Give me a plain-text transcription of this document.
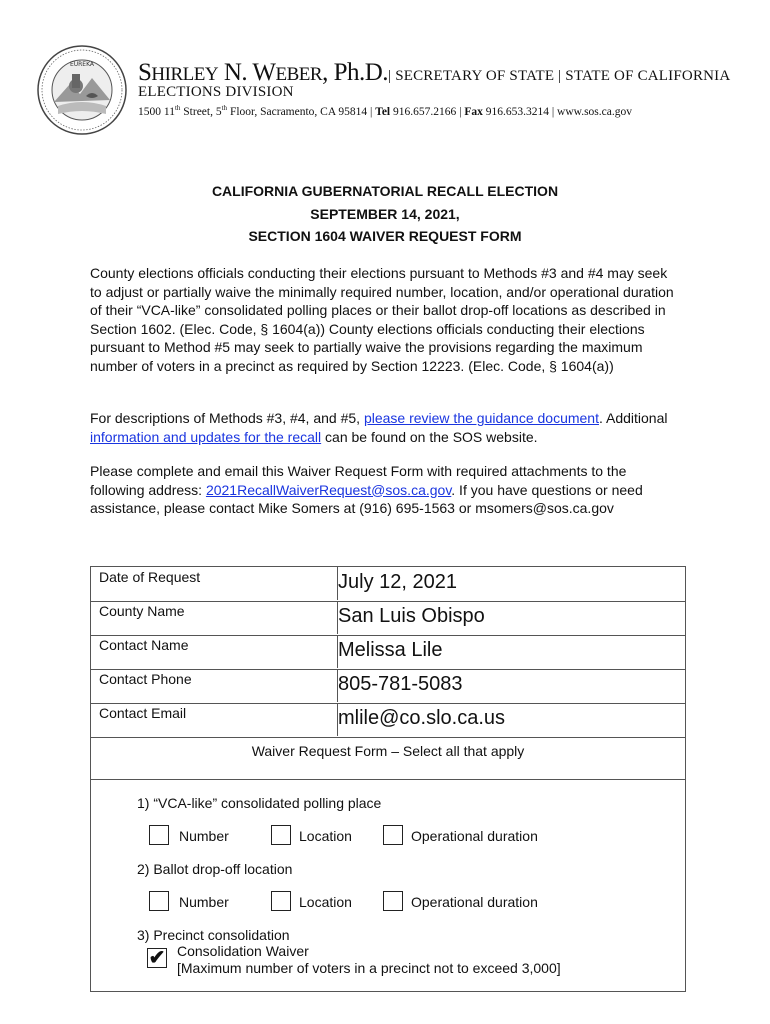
EUREKA SHIRLEY N. WEBER, Ph.D.| SECRETARY OF STATE | STATE OF CALIFORNIA
ELECTIONS DIVISION
1500 11th Street, 5th Floor, Sacramento, CA 95814 | Tel 916.657.2166 | Fax 916.653.3214 | www.sos.ca.gov
CALIFORNIA GUBERNATORIAL RECALL ELECTION
SEPTEMBER 14, 2021,
SECTION 1604 WAIVER REQUEST FORM
County elections officials conducting their elections pursuant to Methods #3 and #4 may seek to adjust or partially waive the minimally required number, location, and/or operational duration of their “VCA-like” consolidated polling places or their ballot drop-off locations as described in Section 1602. (Elec. Code, § 1604(a)) County elections officials conducting their elections pursuant to Method #5 may seek to partially waive the provisions regarding the maximum number of voters in a precinct as required by Section 12223. (Elec. Code, § 1604(a))
For descriptions of Methods #3, #4, and #5, please review the guidance document. Additional information and updates for the recall can be found on the SOS website.
Please complete and email this Waiver Request Form with required attachments to the following address: 2021RecallWaiverRequest@sos.ca.gov. If you have questions or need assistance, please contact Mike Somers at (916) 695-1563 or msomers@sos.ca.gov
Date of Request	July 12, 2021
County Name	San Luis Obispo
Contact Name	Melissa Lile
Contact Phone	805-781-5083
Contact Email	mlile@co.slo.ca.us
Waiver Request Form – Select all that apply
1) “VCA-like” consolidated polling place
Number	Location	Operational duration
2) Ballot drop-off location
Number	Location	Operational duration
3) Precinct consolidation
✔ Consolidation Waiver
[Maximum number of voters in a precinct not to exceed 3,000]
